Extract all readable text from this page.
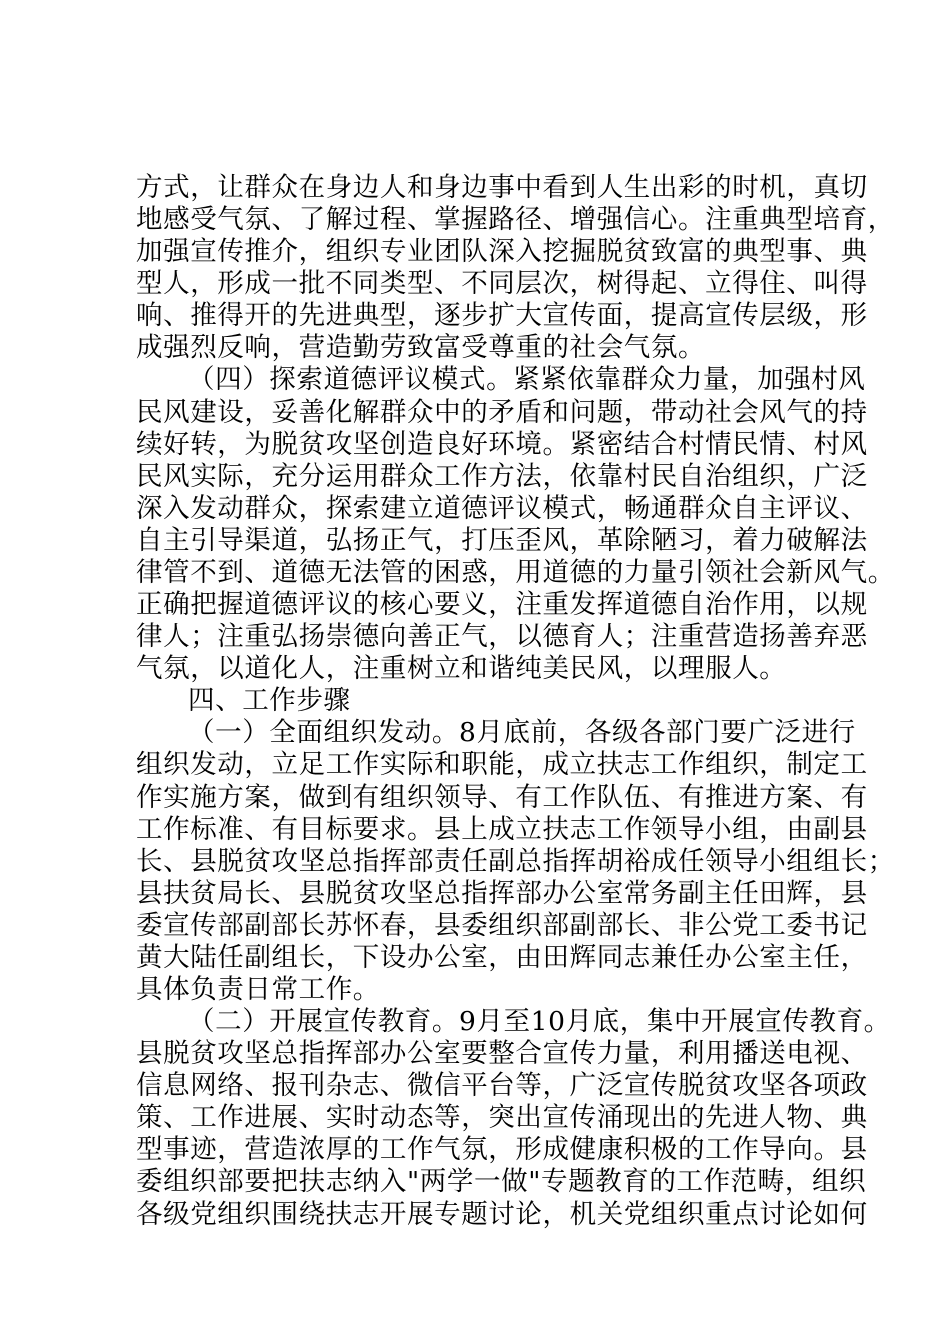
方式，让群众在身边人和身边事中看到人生出彩的时机，真切
地感受气氛、了解过程、掌握路径、增强信心。注重典型培育，
加强宣传推介，组织专业团队深入挖掘脱贫致富的典型事、典
型人，形成一批不同类型、不同层次，树得起、立得住、叫得
响、推得开的先进典型，逐步扩大宣传面，提高宣传层级，形
成强烈反响，营造勤劳致富受尊重的社会气氛。
（四）探索道德评议模式。紧紧依靠群众力量，加强村风
民风建设，妥善化解群众中的矛盾和问题，带动社会风气的持
续好转，为脱贫攻坚创造良好环境。紧密结合村情民情、村风
民风实际，充分运用群众工作方法，依靠村民自治组织，广泛
深入发动群众，探索建立道德评议模式，畅通群众自主评议、
自主引导渠道，弘扬正气，打压歪风，革除陋习，着力破解法
律管不到、道德无法管的困惑，用道德的力量引领社会新风气。
正确把握道德评议的核心要义，注重发挥道德自治作用，以规
律人；注重弘扬崇德向善正气，以德育人；注重营造扬善弃恶
气氛，以道化人，注重树立和谐纯美民风，以理服人。
四、工作步骤
（一）全面组织发动。8月底前，各级各部门要广泛进行
组织发动，立足工作实际和职能，成立扶志工作组织，制定工
作实施方案，做到有组织领导、有工作队伍、有推进方案、有
工作标准、有目标要求。县上成立扶志工作领导小组，由副县
长、县脱贫攻坚总指挥部责任副总指挥胡裕成任领导小组组长；
县扶贫局长、县脱贫攻坚总指挥部办公室常务副主任田辉，县
委宣传部副部长苏怀春，县委组织部副部长、非公党工委书记
黄大陆任副组长，下设办公室，由田辉同志兼任办公室主任，
具体负责日常工作。
（二）开展宣传教育。9月至10月底，集中开展宣传教育。
县脱贫攻坚总指挥部办公室要整合宣传力量，利用播送电视、
信息网络、报刊杂志、微信平台等，广泛宣传脱贫攻坚各项政
策、工作进展、实时动态等，突出宣传涌现出的先进人物、典
型事迹，营造浓厚的工作气氛，形成健康积极的工作导向。县
委组织部要把扶志纳入"两学一做"专题教育的工作范畴，组织
各级党组织围绕扶志开展专题讨论，机关党组织重点讨论如何
